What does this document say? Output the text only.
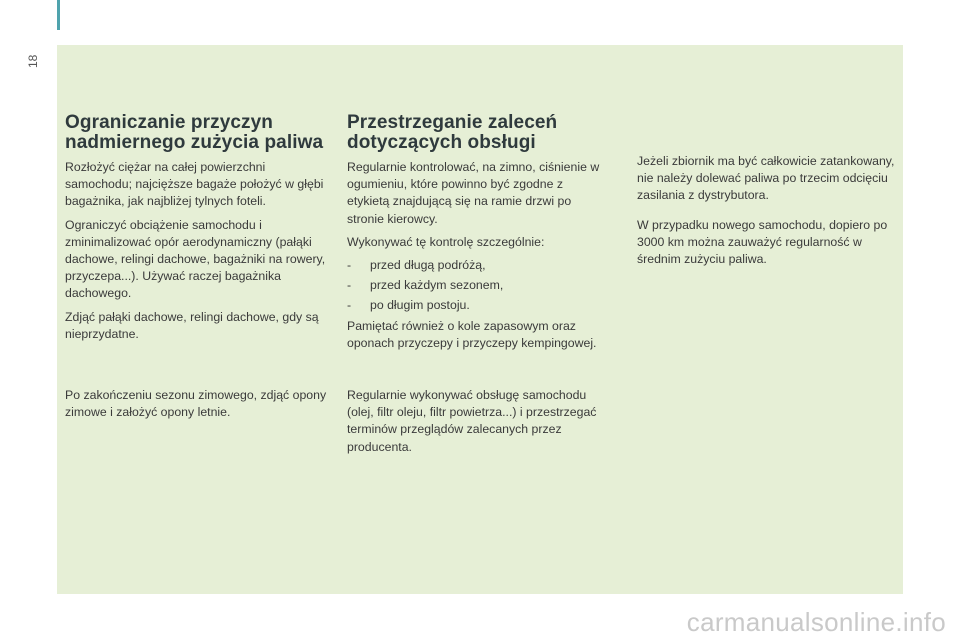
18
Ograniczanie przyczyn
nadmiernego zużycia paliwa

Rozłożyć ciężar na całej powierzchni samochodu; najcięższe bagaże położyć w głębi bagażnika, jak najbliżej tylnych foteli.

Ograniczyć obciążenie samochodu i zminimalizować opór aerodynamiczny (pałąki dachowe, relingi dachowe, bagażniki na rowery, przyczepa...). Używać raczej bagażnika dachowego.

Zdjąć pałąki dachowe, relingi dachowe, gdy są nieprzydatne.

Po zakończeniu sezonu zimowego, zdjąć opony zimowe i założyć opony letnie.

Przestrzeganie zaleceń
dotyczących obsługi

Regularnie kontrolować, na zimno, ciśnienie w ogumieniu, które powinno być zgodne z etykietą znajdującą się na ramie drzwi po stronie kierowcy.

Wykonywać tę kontrolę szczególnie:

-	przed długą podróżą,
-	przed każdym sezonem,
-	po długim postoju.

Pamiętać również o kole zapasowym oraz oponach przyczepy i przyczepy kempingowej.

Regularnie wykonywać obsługę samochodu (olej, filtr oleju, filtr powietrza...) i przestrzegać terminów przeglądów zalecanych przez producenta.

Jeżeli zbiornik ma być całkowicie zatankowany, nie należy dolewać paliwa po trzecim odcięciu zasilania z dystrybutora.

W przypadku nowego samochodu, dopiero po 3000 km można zauważyć regularność w średnim zużyciu paliwa.

carmanualsonline.info
